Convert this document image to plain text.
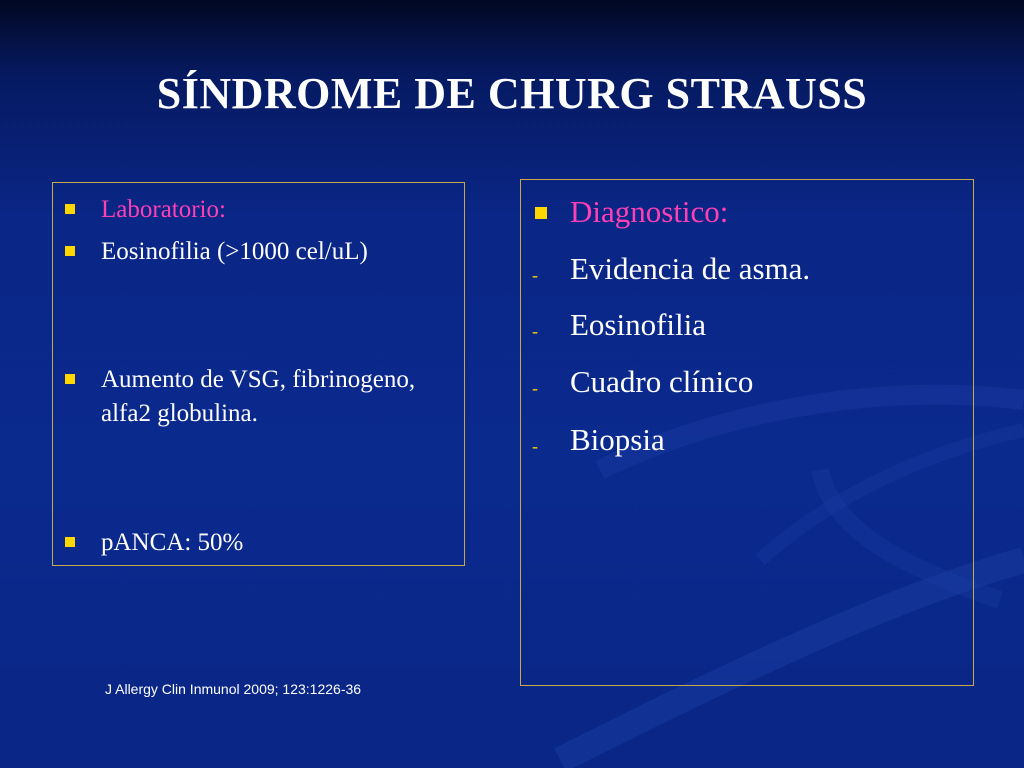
SÍNDROME DE CHURG STRAUSS
Laboratorio:
Eosinofilia (>1000 cel/uL)
Aumento de VSG, fibrinogeno, alfa2 globulina.
pANCA: 50%
Diagnostico:
- Evidencia de asma.
- Eosinofilia
- Cuadro clínico
- Biopsia
J Allergy Clin Inmunol 2009; 123:1226-36
